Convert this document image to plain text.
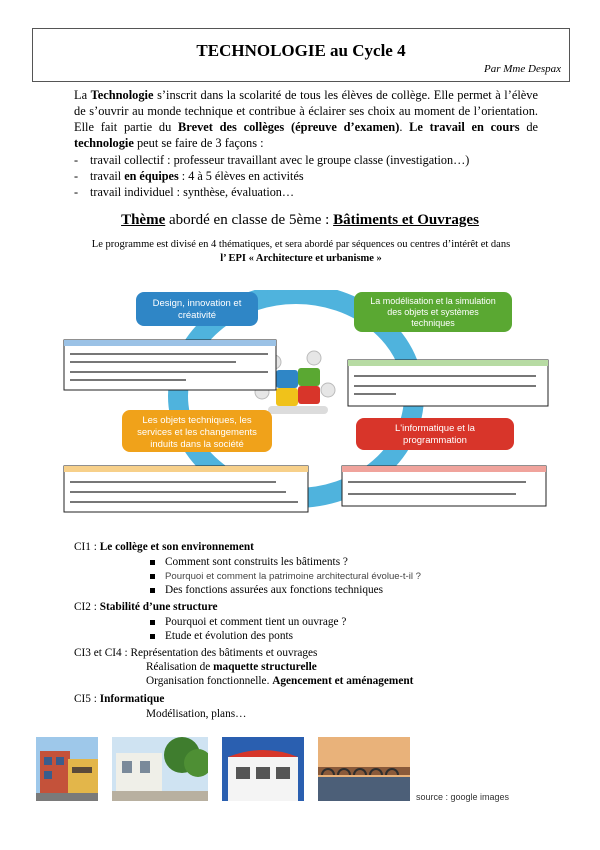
TECHNOLOGIE au Cycle 4
Par Mme Despax
La Technologie s’inscrit dans la scolarité de tous les élèves de collège. Elle permet à l’élève de s’ouvrir au monde technique et contribue à éclairer ses choix au moment de l’orientation. Elle fait partie du Brevet des collèges (épreuve d’examen). Le travail en cours de technologie peut se faire de 3 façons :
- travail collectif : professeur travaillant avec le groupe classe (investigation…)
- travail en équipes : 4 à 5 élèves en activités
- travail individuel : synthèse, évaluation…
Thème abordé en classe de 5ème : Bâtiments et Ouvrages
Le programme est divisé en 4 thématiques, et sera abordé par séquences ou centres d’intérêt et dans
l’ EPI « Architecture et urbanisme »
Design, innovation et
créativité
La modélisation et la simulation
des objets et systèmes
techniques
Les objets techniques, les
services et les changements
induits dans la société
L'informatique et la
programmation
CI1 : Le collège et son environnement
Comment sont construits les bâtiments ?
Pourquoi et comment la patrimoine architectural évolue-t-il ?
Des fonctions assurées aux fonctions techniques
CI2 : Stabilité d’une structure
Pourquoi et comment tient un ouvrage ?
Etude et évolution des ponts
CI3 et CI4 : Représentation des bâtiments et ouvrages
Réalisation de maquette structurelle
Organisation fonctionnelle. Agencement et aménagement
CI5 : Informatique
Modélisation, plans…
source : google images
